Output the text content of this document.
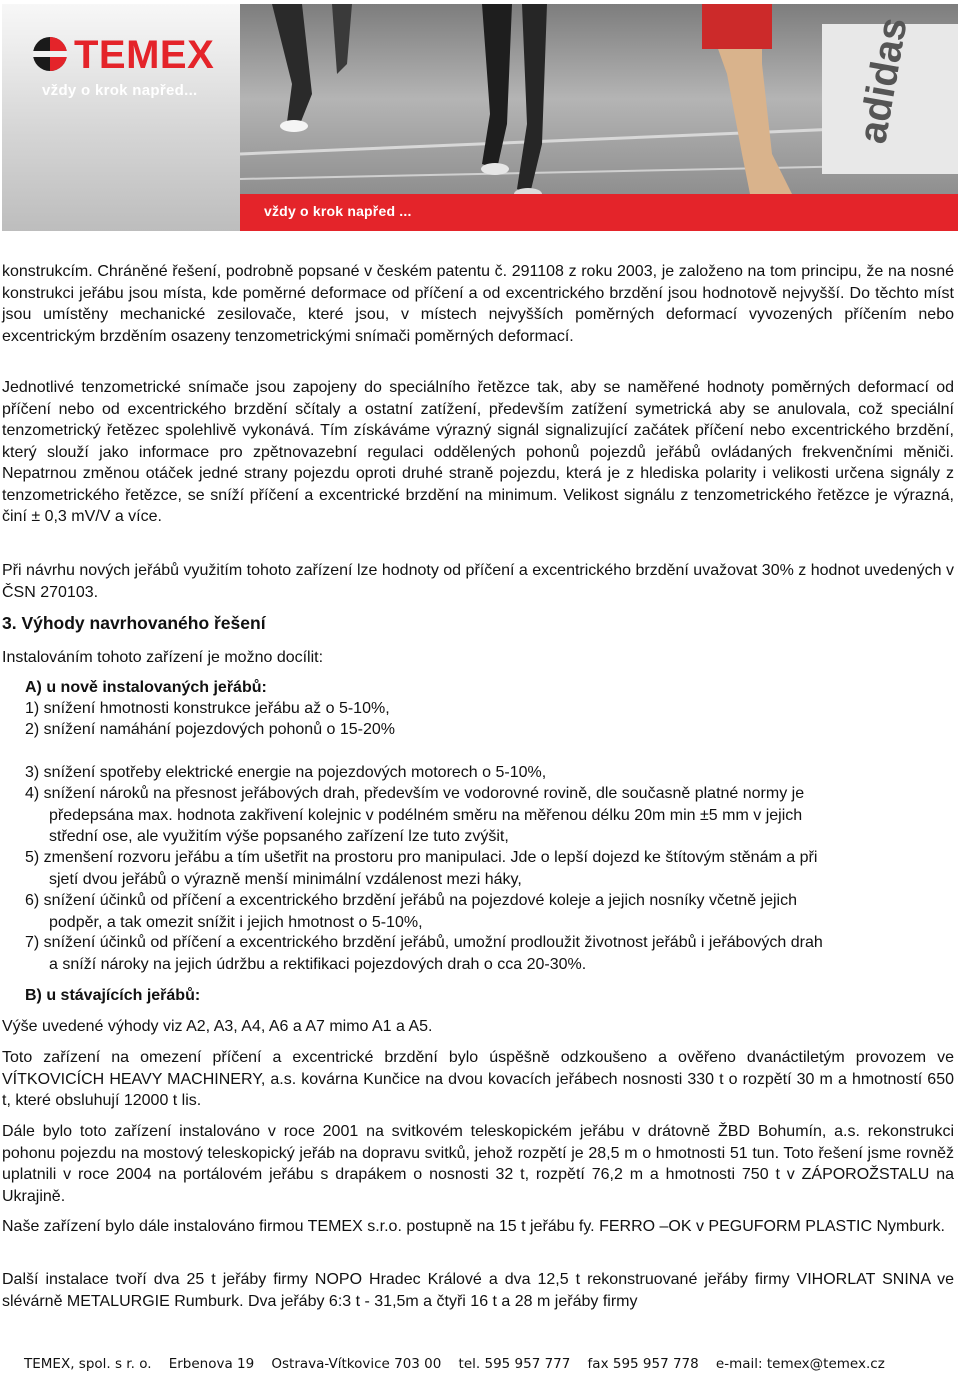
adidas
vždy o krok napřed ...
TEMEX
vždy o krok napřed...
konstrukcím. Chráněné řešení, podrobně popsané v českém patentu č. 291108 z roku 2003, je založeno na tom principu, že na nosné konstrukci jeřábu jsou místa, kde poměrné deformace od příčení a od excentrického brzdění jsou hodnotově nejvyšší. Do těchto míst jsou umístěny mechanické zesilovače, které jsou, v místech nejvyšších poměrných deformací vyvozených příčením nebo excentrickým brzděním osazeny tenzometrickými snímači poměrných deformací.
Jednotlivé tenzometrické snímače jsou zapojeny do speciálního řetězce tak, aby se naměřené hodnoty poměrných deformací od příčení nebo od excentrického brzdění sčítaly a ostatní zatížení, především zatížení symetrická aby se anulovala, což speciální tenzometrický řetězec spolehlivě vykonává. Tím získáváme výrazný signál signalizující začátek příčení nebo excentrického brzdění, který slouží jako informace pro zpětnovazební regulaci oddělených pohonů pojezdů jeřábů ovládaných frekvenčními měniči. Nepatrnou změnou otáček jedné strany pojezdu oproti druhé straně pojezdu, která je z hlediska polarity i velikosti určena signály z tenzometrického řetězce, se sníží příčení a excentrické brzdění na minimum. Velikost signálu z tenzometrického řetězce je výrazná, činí ± 0,3 mV/V a více.
Při návrhu nových jeřábů využitím tohoto zařízení lze hodnoty od příčení a excentrického brzdění uvažovat 30% z hodnot uvedených v ČSN 270103.
3. Výhody navrhovaného řešení
Instalováním tohoto zařízení je možno docílit:
A) u nově instalovaných jeřábů:
1) snížení hmotnosti konstrukce jeřábu až o 5-10%,
2) snížení namáhání pojezdových pohonů o 15-20%
3) snížení spotřeby elektrické energie na pojezdových motorech o 5-10%,
4) snížení nároků na přesnost jeřábových drah, především ve vodorovné rovině, dle současně platné normy je
předepsána max. hodnota zakřivení kolejnic v podélném směru na měřenou délku 20m min ±5 mm v jejich
střední ose, ale využitím výše popsaného zařízení lze tuto zvýšit,
5) zmenšení rozvoru jeřábu a tím ušetřit na prostoru pro manipulaci. Jde o lepší dojezd ke štítovým stěnám a při
sjetí dvou jeřábů o výrazně menší minimální vzdálenost mezi háky,
6) snížení účinků od příčení a excentrického brzdění jeřábů na pojezdové koleje a jejich nosníky včetně jejich
podpěr, a tak omezit snížit i jejich hmotnost o 5-10%,
7) snížení účinků od příčení a excentrického brzdění jeřábů, umožní prodloužit životnost jeřábů i jeřábových drah
a sníží nároky na jejich údržbu a rektifikaci pojezdových drah o cca 20-30%.
B) u stávajících jeřábů:
Výše uvedené výhody viz A2, A3, A4, A6 a A7 mimo A1 a A5.
Toto zařízení na omezení příčení a excentrické brzdění bylo úspěšně odzkoušeno a ověřeno dvanáctiletým provozem ve VÍTKOVICÍCH HEAVY MACHINERY, a.s. kovárna Kunčice na dvou kovacích jeřábech nosnosti 330 t o rozpětí 30 m a hmotností 650 t, které obsluhují 12000 t lis.
Dále bylo toto zařízení instalováno v roce 2001 na svitkovém teleskopickém jeřábu v drátovně ŽBD Bohumín, a.s. rekonstrukci pohonu pojezdu na mostový teleskopický jeřáb na dopravu svitků, jehož rozpětí je 28,5 m o hmotnosti 51 tun. Toto řešení jsme rovněž uplatnili v roce 2004 na portálovém jeřábu s drapákem o nosnosti 32 t, rozpětí 76,2 m a hmotnosti 750 t v ZÁPOROŽSTALU na Ukrajině.
Naše zařízení bylo dále instalováno firmou TEMEX s.r.o. postupně na 15 t jeřábu fy. FERRO –OK v PEGUFORM PLASTIC Nymburk.
Další instalace tvoří dva 25 t jeřáby firmy NOPO Hradec Králové a dva 12,5 t rekonstruované jeřáby firmy VIHORLAT SNINA ve slévárně METALURGIE Rumburk. Dva jeřáby 6:3 t - 31,5m a čtyři 16 t a 28 m jeřáby firmy
TEMEX, spol. s r. o. Erbenova 19 Ostrava-Vítkovice 703 00 tel. 595 957 777 fax 595 957 778 e-mail: temex@temex.cz
